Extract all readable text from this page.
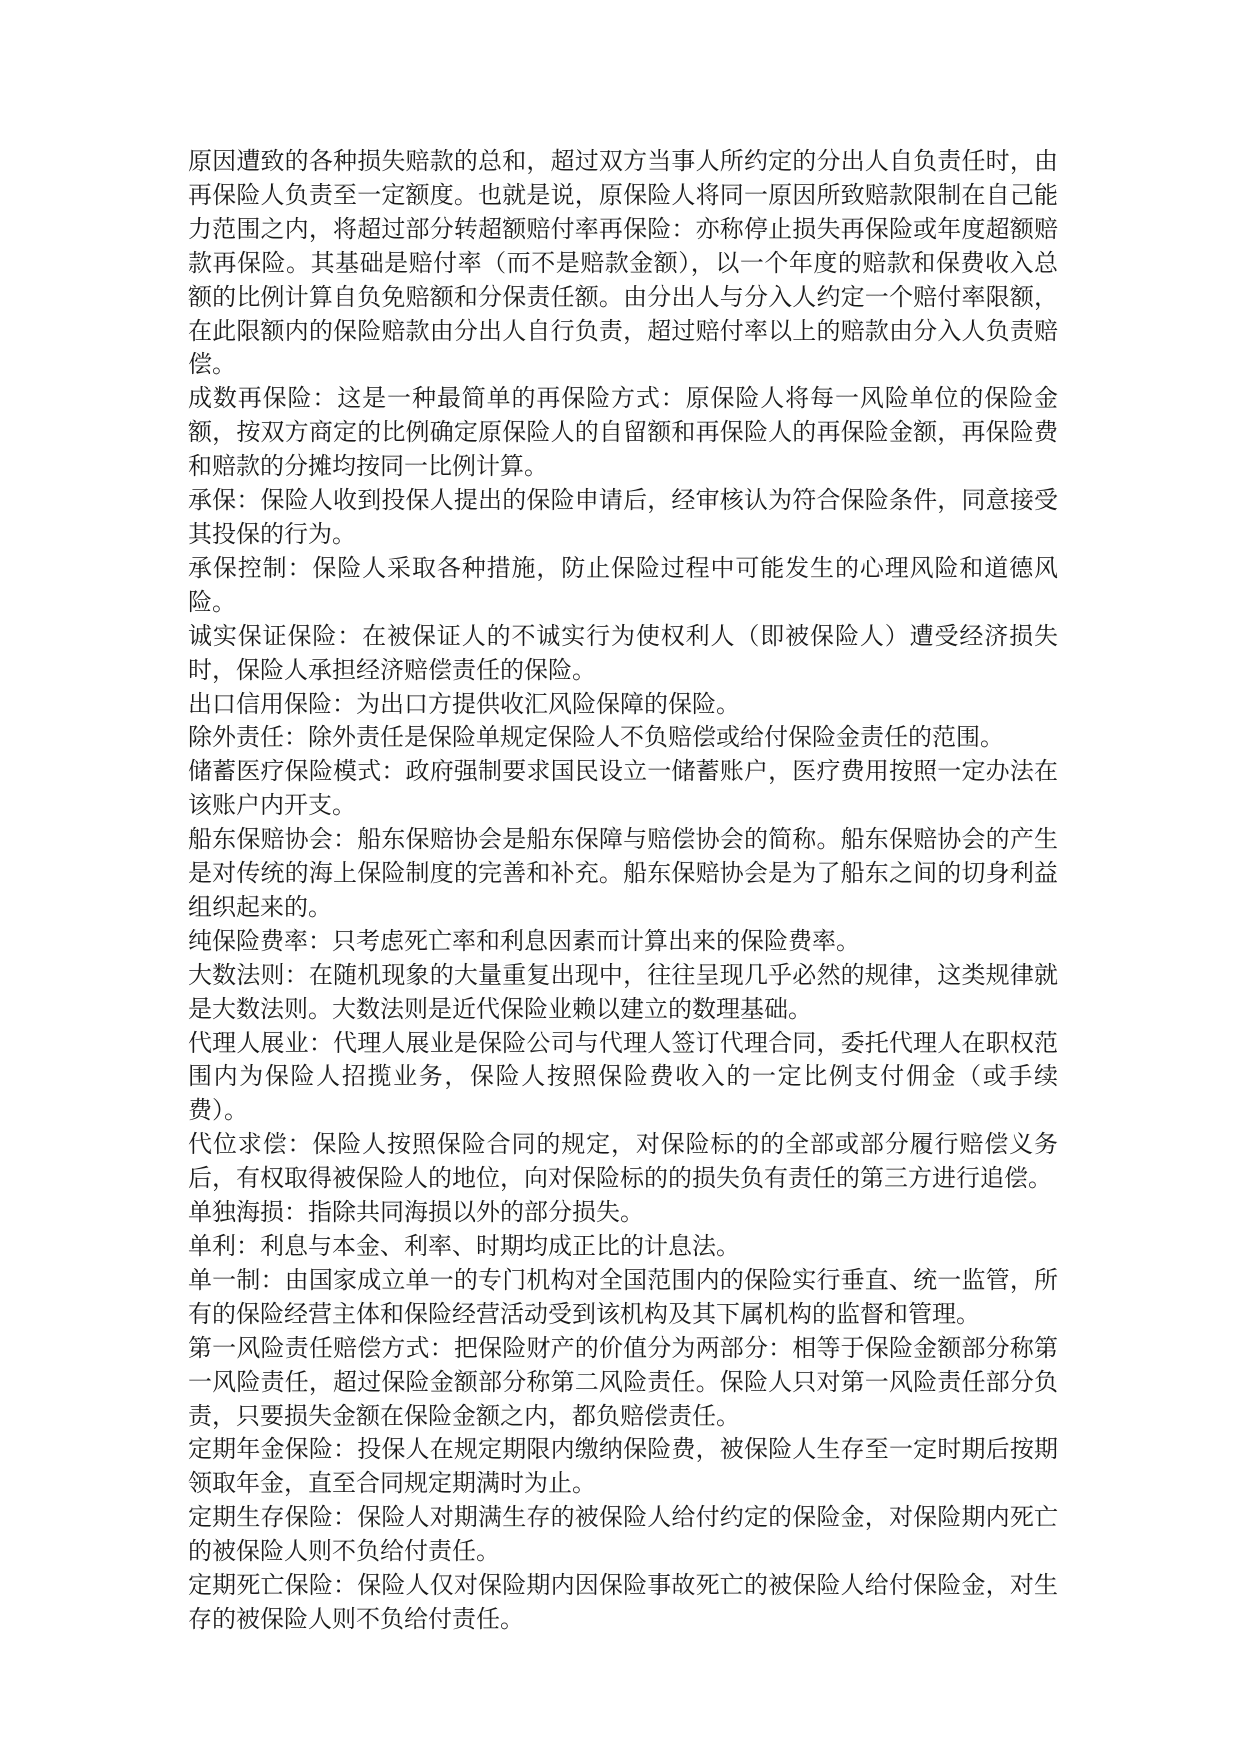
原因遭致的各种损失赔款的总和，超过双方当事人所约定的分出人自负责任时，由再保险人负责至一定额度。也就是说，原保险人将同一原因所致赔款限制在自己能力范围之内，将超过部分转超额赔付率再保险：亦称停止损失再保险或年度超额赔款再保险。其基础是赔付率（而不是赔款金额），以一个年度的赔款和保费收入总额的比例计算自负免赔额和分保责任额。由分出人与分入人约定一个赔付率限额，在此限额内的保险赔款由分出人自行负责，超过赔付率以上的赔款由分入人负责赔偿。

成数再保险：这是一种最简单的再保险方式：原保险人将每一风险单位的保险金额，按双方商定的比例确定原保险人的自留额和再保险人的再保险金额，再保险费和赔款的分摊均按同一比例计算。

承保：保险人收到投保人提出的保险申请后，经审核认为符合保险条件，同意接受其投保的行为。

承保控制：保险人采取各种措施，防止保险过程中可能发生的心理风险和道德风险。

诚实保证保险：在被保证人的不诚实行为使权利人（即被保险人）遭受经济损失时，保险人承担经济赔偿责任的保险。

出口信用保险：为出口方提供收汇风险保障的保险。

除外责任：除外责任是保险单规定保险人不负赔偿或给付保险金责任的范围。

储蓄医疗保险模式：政府强制要求国民设立一储蓄账户，医疗费用按照一定办法在该账户内开支。

船东保赔协会：船东保赔协会是船东保障与赔偿协会的简称。船东保赔协会的产生是对传统的海上保险制度的完善和补充。船东保赔协会是为了船东之间的切身利益组织起来的。

纯保险费率：只考虑死亡率和利息因素而计算出来的保险费率。

大数法则：在随机现象的大量重复出现中，往往呈现几乎必然的规律，这类规律就是大数法则。大数法则是近代保险业赖以建立的数理基础。

代理人展业：代理人展业是保险公司与代理人签订代理合同，委托代理人在职权范围内为保险人招揽业务，保险人按照保险费收入的一定比例支付佣金（或手续费）。

代位求偿：保险人按照保险合同的规定，对保险标的的全部或部分履行赔偿义务后，有权取得被保险人的地位，向对保险标的的损失负有责任的第三方进行追偿。

单独海损：指除共同海损以外的部分损失。

单利：利息与本金、利率、时期均成正比的计息法。

单一制：由国家成立单一的专门机构对全国范围内的保险实行垂直、统一监管，所有的保险经营主体和保险经营活动受到该机构及其下属机构的监督和管理。

第一风险责任赔偿方式：把保险财产的价值分为两部分：相等于保险金额部分称第一风险责任，超过保险金额部分称第二风险责任。保险人只对第一风险责任部分负责，只要损失金额在保险金额之内，都负赔偿责任。

定期年金保险：投保人在规定期限内缴纳保险费，被保险人生存至一定时期后按期领取年金，直至合同规定期满时为止。

定期生存保险：保险人对期满生存的被保险人给付约定的保险金，对保险期内死亡的被保险人则不负给付责任。

定期死亡保险：保险人仅对保险期内因保险事故死亡的被保险人给付保险金，对生存的被保险人则不负给付责任。
